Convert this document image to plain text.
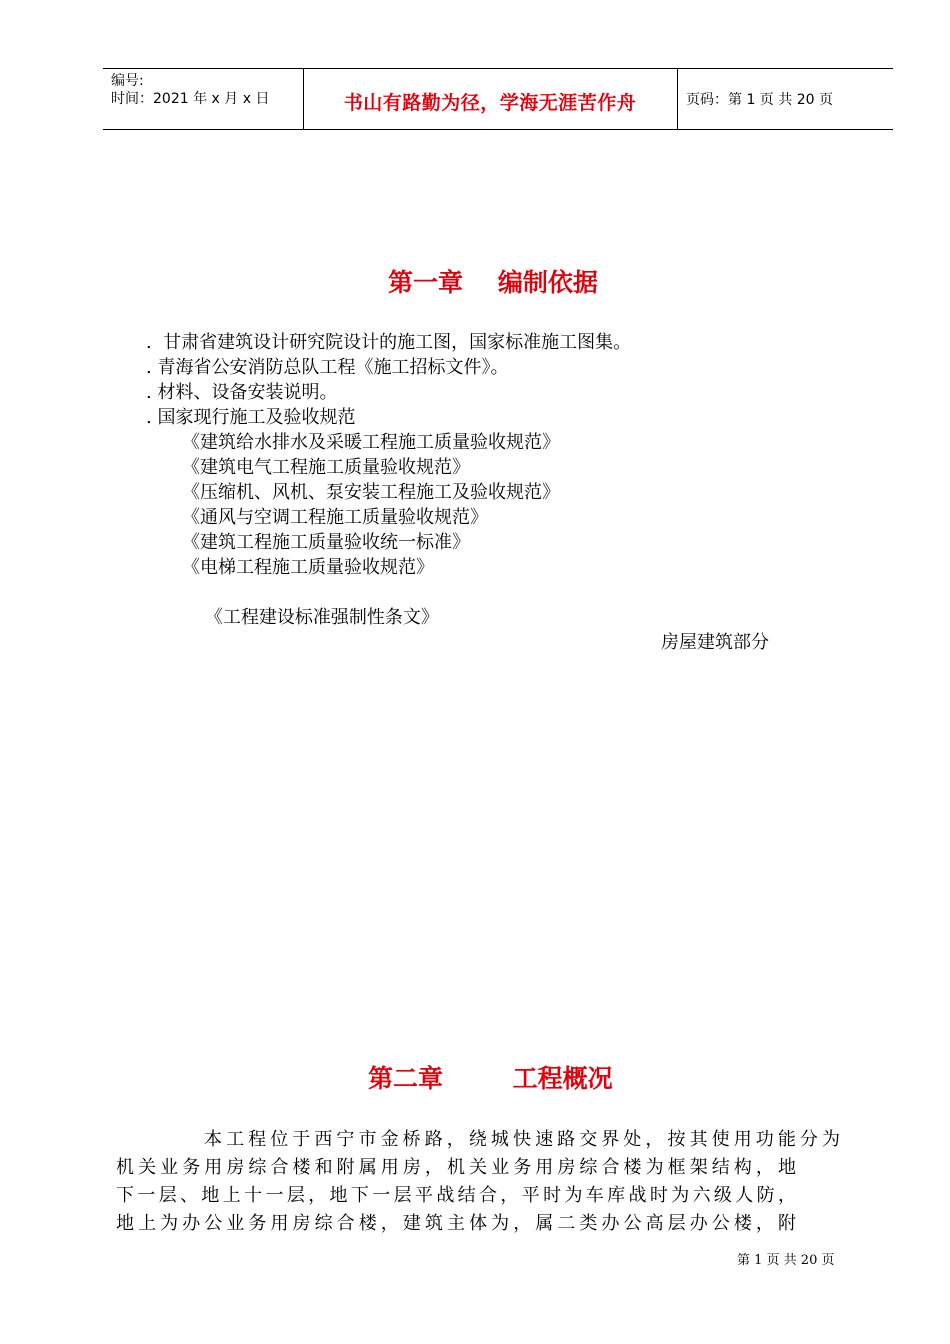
编号:
时间：2021 年 x 月 x 日	书山有路勤为径，学海无涯苦作舟	页码：第 1 页 共 20 页
第一章    编制依据
.  甘肃省建筑设计研究院设计的施工图，国家标准施工图集。
. 青海省公安消防总队工程《施工招标文件》。
. 材料、设备安装说明。
. 国家现行施工及验收规范
《建筑给水排水及采暖工程施工质量验收规范》
《建筑电气工程施工质量验收规范》
《压缩机、风机、泵安装工程施工及验收规范》
《通风与空调工程施工质量验收规范》
《建筑工程施工质量验收统一标准》
《电梯工程施工质量验收规范》

《工程建设标准强制性条文》

房屋建筑部分

第二章        工程概况
本工程位于西宁市金桥路，绕城快速路交界处，按其使用功能分为
机关业务用房综合楼和附属用房，机关业务用房综合楼为框架结构，地
下一层、地上十一层，地下一层平战结合，平时为车库战时为六级人防，
地上为办公业务用房综合楼，建筑主体为，属二类办公高层办公楼，附
第 1 页 共 20 页
